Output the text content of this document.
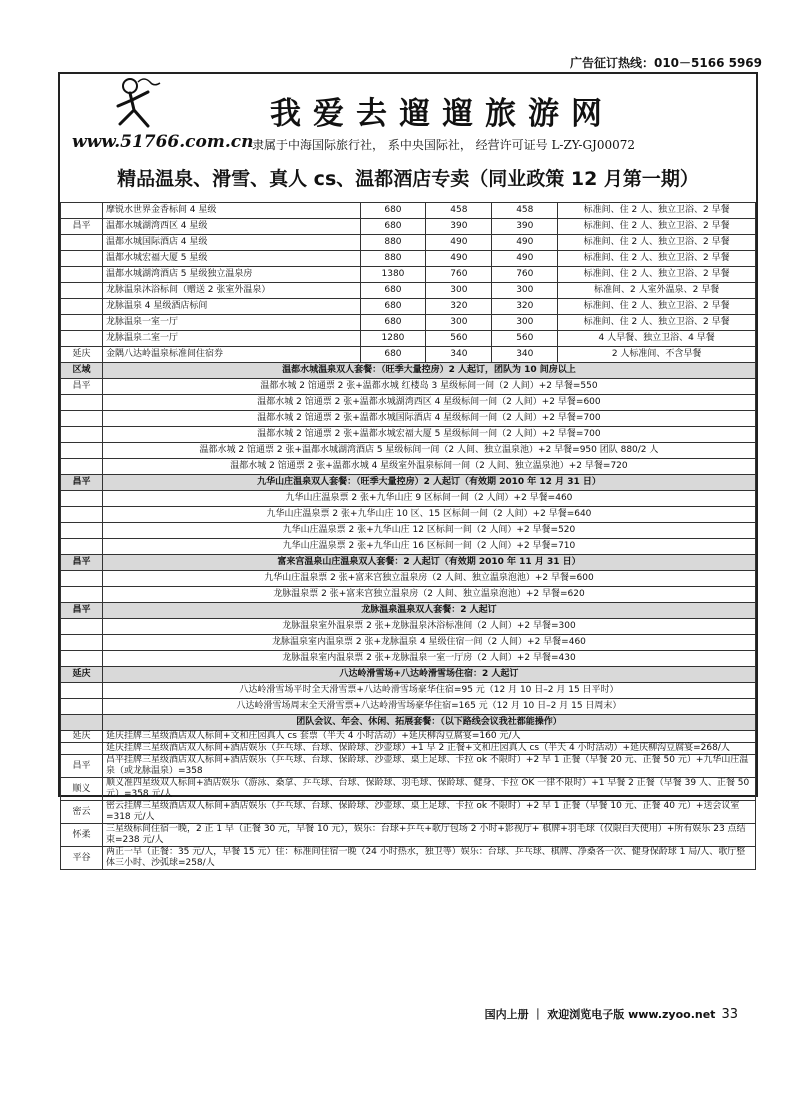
广告征订热线：010－5166 5969
我爱去遛遛旅游网
www.51766.com.cn
隶属于中海国际旅行社， 系中央国际社， 经营许可证号 L-ZY-GJ00072
精品温泉、滑雪、真人 cs、温都酒店专卖（同业政策 12 月第一期）
	摩锐水世界金香标间 4 星级	680	458	458	标准间、住 2 人、独立卫浴、2 早餐
昌平	温都水城湖湾西区 4 星级	680	390	390	标准间、住 2 人、独立卫浴、2 早餐
	温都水城国际酒店 4 星级	880	490	490	标准间、住 2 人、独立卫浴、2 早餐
	温都水城宏福大厦 5 星级	880	490	490	标准间、住 2 人、独立卫浴、2 早餐
	温都水城湖湾酒店 5 星级独立温泉房	1380	760	760	标准间、住 2 人、独立卫浴、2 早餐
	龙脉温泉沐浴标间（赠送 2 张室外温泉）	680	300	300	标准间、2 人室外温泉、2 早餐
	龙脉温泉 4 星级酒店标间	680	320	320	标准间、住 2 人、独立卫浴、2 早餐
	龙脉温泉一室一厅	680	300	300	标准间、住 2 人、独立卫浴、2 早餐
	龙脉温泉二室一厅	1280	560	560	4 人早餐、独立卫浴、4 早餐
延庆	金隅八达岭温泉标准间住宿券	680	340	340	2 人标准间、不含早餐
区域	温都水城温泉双人套餐：（旺季大量控房）2 人起订，团队为 10 间房以上				
昌平	温都水城 2 馆通票 2 张+温都水城 红楼岛 3 星级标间一间（2 人间）+2 早餐=550				
	温都水城 2 馆通票 2 张+温都水城湖湾西区 4 星级标间一间（2 人间）+2 早餐=600				
	温都水城 2 馆通票 2 张+温都水城国际酒店 4 星级标间一间（2 人间）+2 早餐=700				
	温都水城 2 馆通票 2 张+温都水城宏福大厦 5 星级标间一间（2 人间）+2 早餐=700				
	温都水城 2 馆通票 2 张+温都水城湖湾酒店 5 星级标间一间（2 人间、独立温泉池）+2 早餐=950 团队 880/2 人				
	温都水城 2 馆通票 2 张+温都水城 4 星级室外温泉标间一间（2 人间、独立温泉池）+2 早餐=720				
昌平	九华山庄温泉双人套餐：（旺季大量控房）2 人起订（有效期 2010 年 12 月 31 日）				
	九华山庄温泉票 2 张+九华山庄 9 区标间一间（2 人间）+2 早餐=460				
	九华山庄温泉票 2 张+九华山庄 10 区、15 区标间一间（2 人间）+2 早餐=640				
	九华山庄温泉票 2 张+九华山庄 12 区标间一间（2 人间）+2 早餐=520				
	九华山庄温泉票 2 张+九华山庄 16 区标间一间（2 人间）+2 早餐=710				
昌平	富来宫温泉山庄温泉双人套餐：2 人起订（有效期 2010 年 11 月 31 日）				
	九华山庄温泉票 2 张+富来宫独立温泉房（2 人间、独立温泉泡池）+2 早餐=600				
	龙脉温泉票 2 张+富来宫独立温泉房（2 人间、独立温泉泡池）+2 早餐=620				
昌平	龙脉温泉温泉双人套餐：2 人起订				
	龙脉温泉室外温泉票 2 张+龙脉温泉沐浴标准间（2 人间）+2 早餐=300				
	龙脉温泉室内温泉票 2 张+龙脉温泉 4 星级住宿一间（2 人间）+2 早餐=460				
	龙脉温泉室内温泉票 2 张+龙脉温泉一室一厅房（2 人间）+2 早餐=430				
延庆	八达岭滑雪场+八达岭滑雪场住宿：2 人起订				
	八达岭滑雪场平时全天滑雪票+八达岭滑雪场豪华住宿=95 元（12 月 10 日–2 月 15 日平时）				
	八达岭滑雪场周末全天滑雪票+八达岭滑雪场豪华住宿=165 元（12 月 10 日–2 月 15 日周末）				
	团队会议、年会、休闲、拓展套餐：（以下路线会议我社都能操作）				
延庆	延庆挂牌三星级酒店双人标间+文和庄园真人 cs 套票（半天 4 小时活动）+延庆柳沟豆腐宴=160 元/人				
	延庆挂牌三星级酒店双人标间+酒店娱乐（乒乓球、台球、保龄球、沙壶球）+1 早 2 正餐+文和庄园真人 cs（半天 4 小时活动）+延庆柳沟豆腐宴=268/人				
昌平	昌平挂牌三星级酒店双人标间+酒店娱乐（乒乓球、台球、保龄球、沙壶球、桌上足球、卡拉 ok 不限时）+2 早 1 正餐（早餐 20 元、正餐 50 元）+九华山庄温泉（或龙脉温泉）=358				
顺义	顺义准四星级双人标间+酒店娱乐（游泳、桑拿、乒乓球、台球、保龄球、羽毛球、保龄球、健身、卡拉 OK 一律不限时）+1 早餐 2 正餐（早餐 39 人、正餐 50 元）=358 元/人				
密云	密云挂牌三星级酒店双人标间+酒店娱乐（乒乓球、台球、保龄球、沙壶球、桌上足球、卡拉 ok 不限时）+2 早 1 正餐（早餐 10 元、正餐 40 元）+送会议室 =318 元/人				
怀柔	三星级标间住宿一晚，2 正 1 早（正餐 30 元，早餐 10 元），娱乐：台球+乒乓+歌厅包场 2 小时+影视厅+ 棋牌+羽毛球（仅限白天使用）+所有娱乐 23 点结束=238 元/人				
平谷	两正一早（正餐：35 元/人，早餐 15 元）住：标准间住宿一晚（24 小时热水，独卫等）娱乐：台球、乒乓球、棋牌、净桑各一次、健身保龄球 1 局/人、歌厅整体三小时、沙弧球=258/人				
国内上册 ｜ 欢迎浏览电子版 www.zyoo.net 33
